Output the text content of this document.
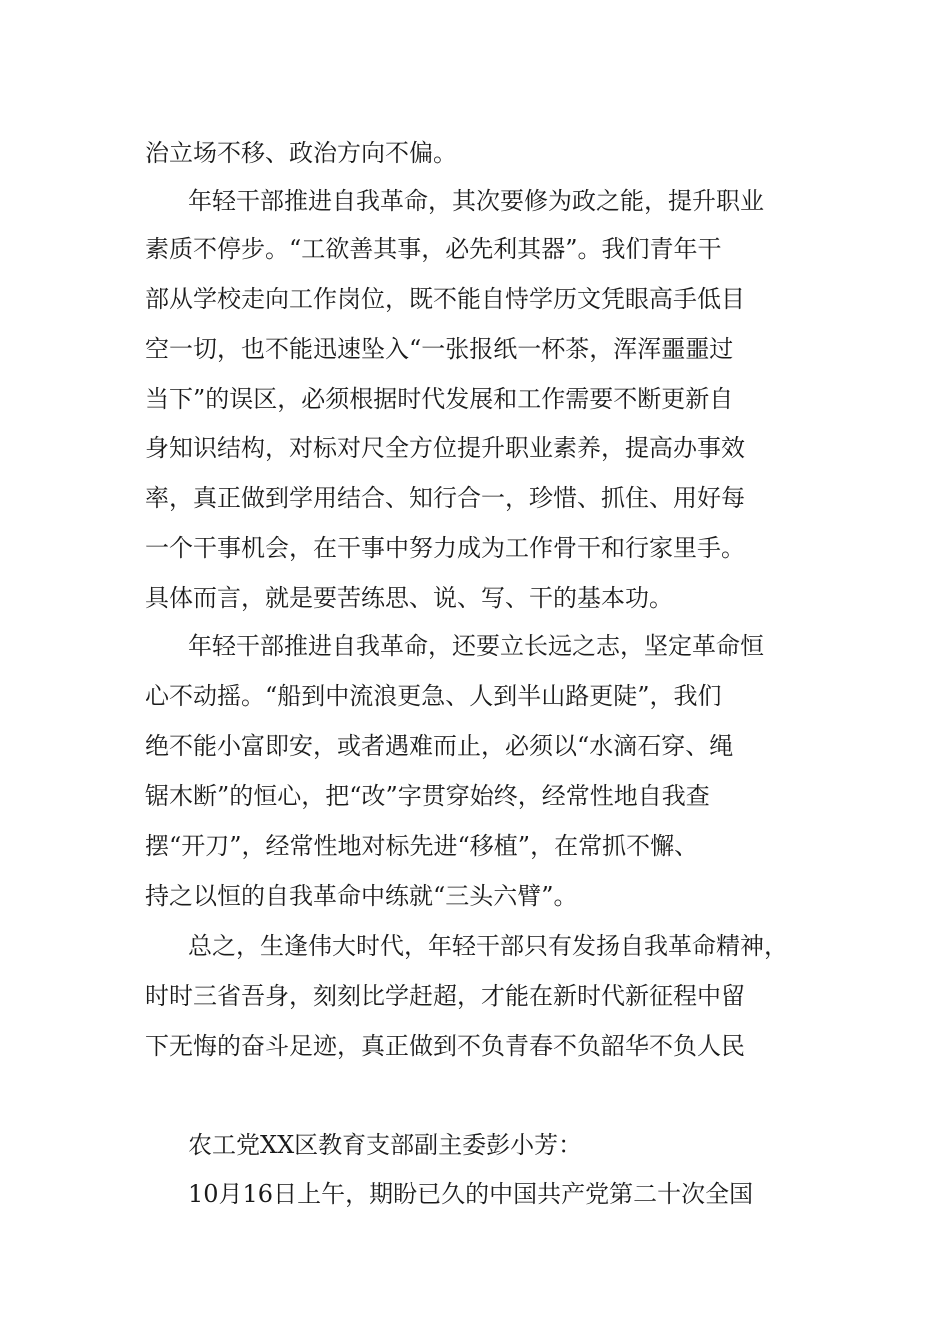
治立场不移、政治方向不偏。
年轻干部推进自我革命，其次要修为政之能，提升职业
素质不停步。“工欲善其事，必先利其器”。我们青年干
部从学校走向工作岗位，既不能自恃学历文凭眼高手低目
空一切，也不能迅速坠入“一张报纸一杯茶，浑浑噩噩过
当下”的误区，必须根据时代发展和工作需要不断更新自
身知识结构，对标对尺全方位提升职业素养，提高办事效
率，真正做到学用结合、知行合一，珍惜、抓住、用好每
一个干事机会，在干事中努力成为工作骨干和行家里手。
具体而言，就是要苦练思、说、写、干的基本功。
年轻干部推进自我革命，还要立长远之志，坚定革命恒
心不动摇。“船到中流浪更急、人到半山路更陡”，我们
绝不能小富即安，或者遇难而止，必须以“水滴石穿、绳
锯木断”的恒心，把“改”字贯穿始终，经常性地自我查
摆“开刀”，经常性地对标先进“移植”，在常抓不懈、
持之以恒的自我革命中练就“三头六臂”。
总之，生逢伟大时代，年轻干部只有发扬自我革命精神，
时时三省吾身，刻刻比学赶超，才能在新时代新征程中留
下无悔的奋斗足迹，真正做到不负青春不负韶华不负人民
农工党XX区教育支部副主委彭小芳：
10月16日上午，期盼已久的中国共产党第二十次全国
